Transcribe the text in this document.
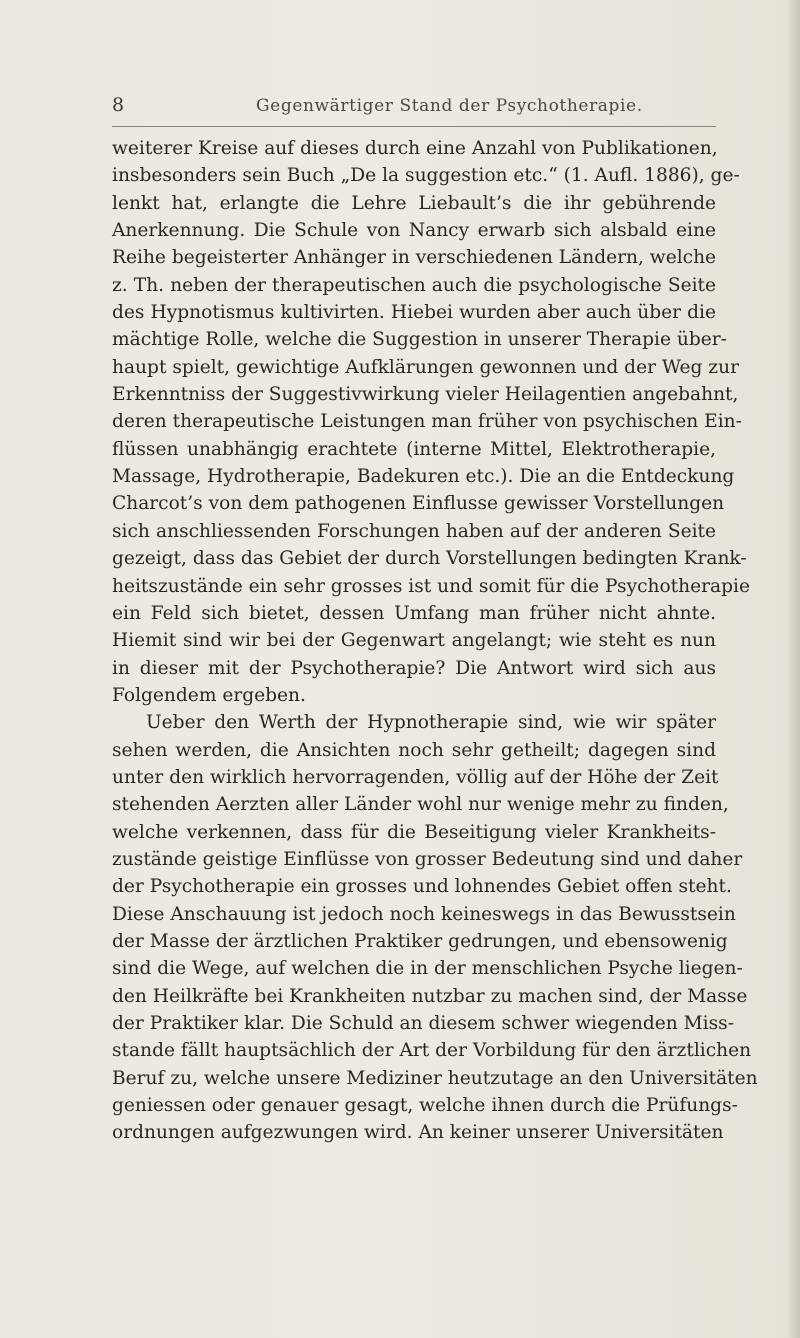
8	Gegenwärtiger Stand der Psychotherapie.
weiterer Kreise auf dieses durch eine Anzahl von Publikationen,
insbesonders sein Buch „De la suggestion etc.“ (1. Aufl. 1886), ge-
lenkt hat, erlangte die Lehre Liebault’s die ihr gebührende
Anerkennung. Die Schule von Nancy erwarb sich alsbald eine
Reihe begeisterter Anhänger in verschiedenen Ländern, welche
z. Th. neben der therapeutischen auch die psychologische Seite
des Hypnotismus kultivirten. Hiebei wurden aber auch über die
mächtige Rolle, welche die Suggestion in unserer Therapie über-
haupt spielt, gewichtige Aufklärungen gewonnen und der Weg zur
Erkenntniss der Suggestivwirkung vieler Heilagentien angebahnt,
deren therapeutische Leistungen man früher von psychischen Ein-
flüssen unabhängig erachtete (interne Mittel, Elektrotherapie,
Massage, Hydrotherapie, Badekuren etc.). Die an die Entdeckung
Charcot’s von dem pathogenen Einflusse gewisser Vorstellungen
sich anschliessenden Forschungen haben auf der anderen Seite
gezeigt, dass das Gebiet der durch Vorstellungen bedingten Krank-
heitszustände ein sehr grosses ist und somit für die Psychotherapie
ein Feld sich bietet, dessen Umfang man früher nicht ahnte.
Hiemit sind wir bei der Gegenwart angelangt; wie steht es nun
in dieser mit der Psychotherapie? Die Antwort wird sich aus
Folgendem ergeben.
Ueber den Werth der Hypnotherapie sind, wie wir später
sehen werden, die Ansichten noch sehr getheilt; dagegen sind
unter den wirklich hervorragenden, völlig auf der Höhe der Zeit
stehenden Aerzten aller Länder wohl nur wenige mehr zu finden,
welche verkennen, dass für die Beseitigung vieler Krankheits-
zustände geistige Einflüsse von grosser Bedeutung sind und daher
der Psychotherapie ein grosses und lohnendes Gebiet offen steht.
Diese Anschauung ist jedoch noch keineswegs in das Bewusstsein
der Masse der ärztlichen Praktiker gedrungen, und ebensowenig
sind die Wege, auf welchen die in der menschlichen Psyche liegen-
den Heilkräfte bei Krankheiten nutzbar zu machen sind, der Masse
der Praktiker klar. Die Schuld an diesem schwer wiegenden Miss-
stande fällt hauptsächlich der Art der Vorbildung für den ärztlichen
Beruf zu, welche unsere Mediziner heutzutage an den Universitäten
geniessen oder genauer gesagt, welche ihnen durch die Prüfungs-
ordnungen aufgezwungen wird. An keiner unserer Universitäten
